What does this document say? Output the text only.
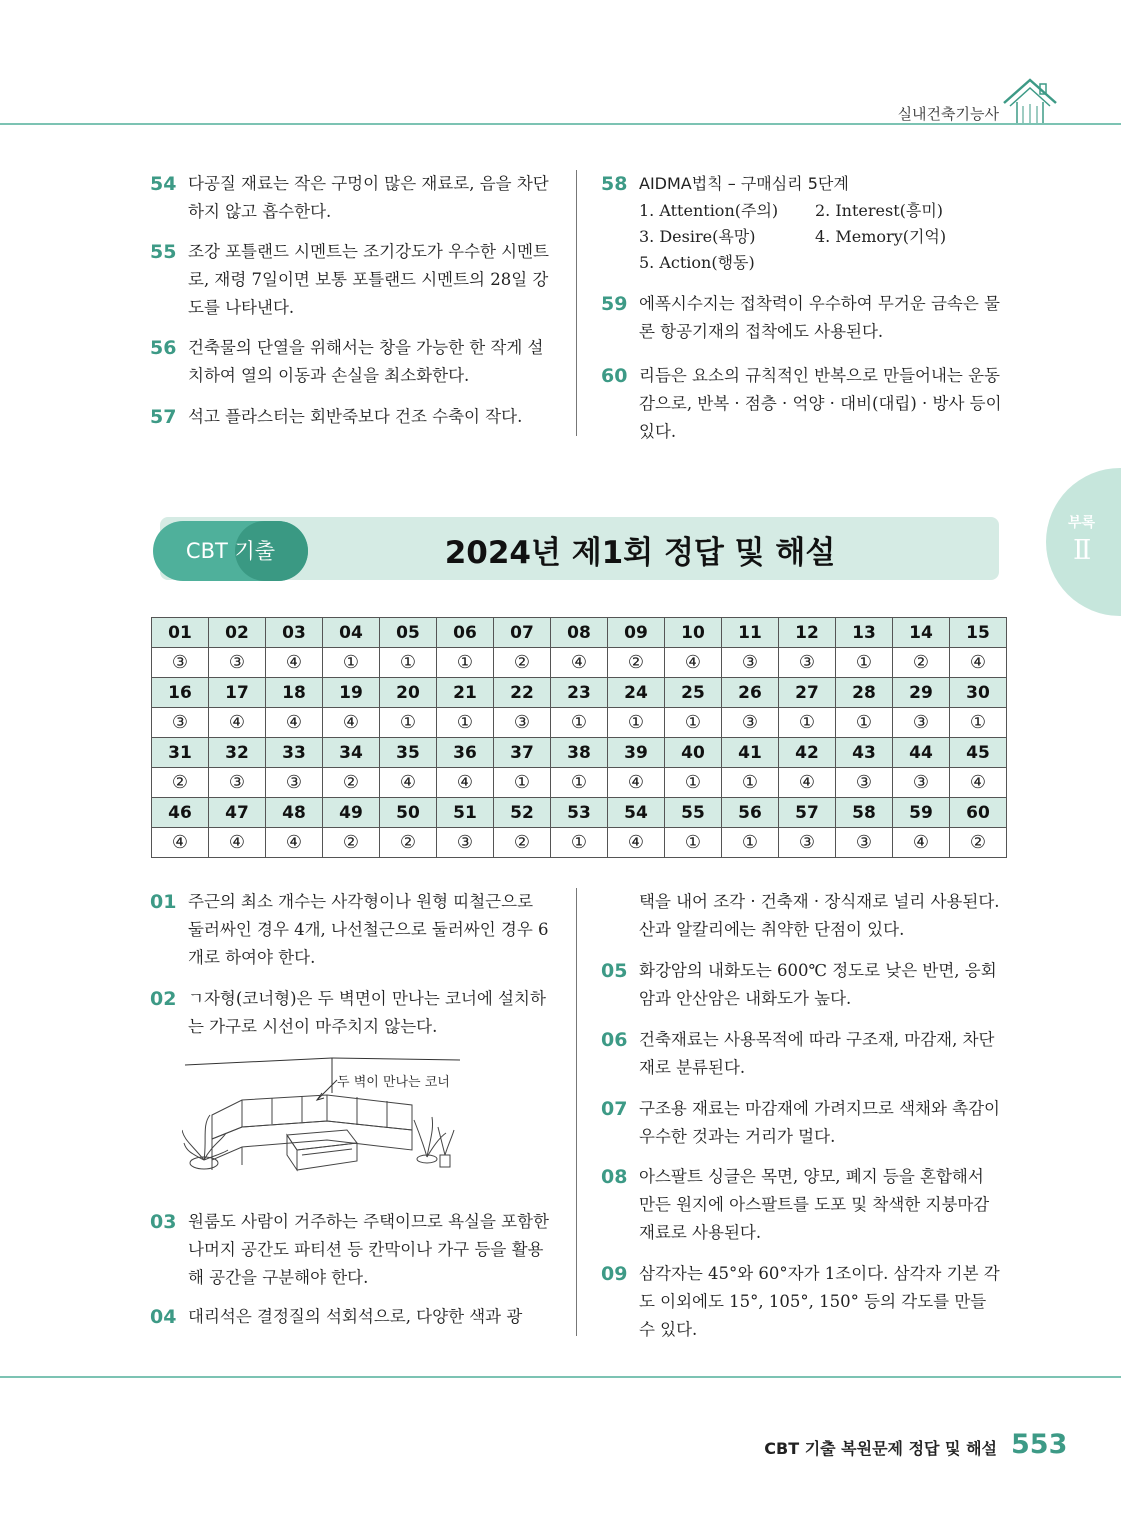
실내건축기능사
54 다공질 재료는 작은 구멍이 많은 재료로, 음을 차단하지 않고 흡수한다.
55 조강 포틀랜드 시멘트는 조기강도가 우수한 시멘트로, 재령 7일이면 보통 포틀랜드 시멘트의 28일 강도를 나타낸다.
56 건축물의 단열을 위해서는 창을 가능한 한 작게 설치하여 열의 이동과 손실을 최소화한다.
57 석고 플라스터는 회반죽보다 건조 수축이 작다.
58 AIDMA법칙 – 구매심리 5단계
1. Attention(주의) 2. Interest(흥미)3. Desire(욕망)	4. Memory(기억)5. Action(행동)
59 에폭시수지는 접착력이 우수하여 무거운 금속은 물론 항공기재의 접착에도 사용된다.
60 리듬은 요소의 규칙적인 반복으로 만들어내는 운동감으로, 반복 · 점층 · 억양 · 대비(대립) · 방사 등이 있다.
부록
Ⅱ
CBT 기출	2024년 제1회 정답 및 해설
01	02	03	04	05	06	07	08	09	10	11	12	13	14	15
③	③	④	①	①	①	②	④	②	④	③	③	①	②	④
16	17	18	19	20	21	22	23	24	25	26	27	28	29	30
③	④	④	④	①	①	③	①	①	①	③	①	①	③	①
31	32	33	34	35	36	37	38	39	40	41	42	43	44	45
②	③	③	②	④	④	①	①	④	①	①	④	③	③	④
46	47	48	49	50	51	52	53	54	55	56	57	58	59	60
④	④	④	②	②	③	②	①	④	①	①	③	③	④	②
01 주근의 최소 개수는 사각형이나 원형 띠철근으로 둘러싸인 경우 4개, 나선철근으로 둘러싸인 경우 6개로 하여야 한다.
02 ㄱ자형(코너형)은 두 벽면이 만나는 코너에 설치하는 가구로 시선이 마주치지 않는다.
두 벽이 만나는 코너
03 원룸도 사람이 거주하는 주택이므로 욕실을 포함한 나머지 공간도 파티션 등 칸막이나 가구 등을 활용해 공간을 구분해야 한다.
04 대리석은 결정질의 석회석으로, 다양한 색과 광
택을 내어 조각 · 건축재 · 장식재로 널리 사용된다. 산과 알칼리에는 취약한 단점이 있다.
05 화강암의 내화도는 600℃ 정도로 낮은 반면, 응회암과 안산암은 내화도가 높다.
06 건축재료는 사용목적에 따라 구조재, 마감재, 차단재로 분류된다.
07 구조용 재료는 마감재에 가려지므로 색채와 촉감이 우수한 것과는 거리가 멀다.
08 아스팔트 싱글은 목면, 양모, 폐지 등을 혼합해서 만든 원지에 아스팔트를 도포 및 착색한 지붕마감 재료로 사용된다.
09 삼각자는 45°와 60°자가 1조이다. 삼각자 기본 각도 이외에도 15°, 105°, 150° 등의 각도를 만들 수 있다.
CBT 기출 복원문제 정답 및 해설 553
